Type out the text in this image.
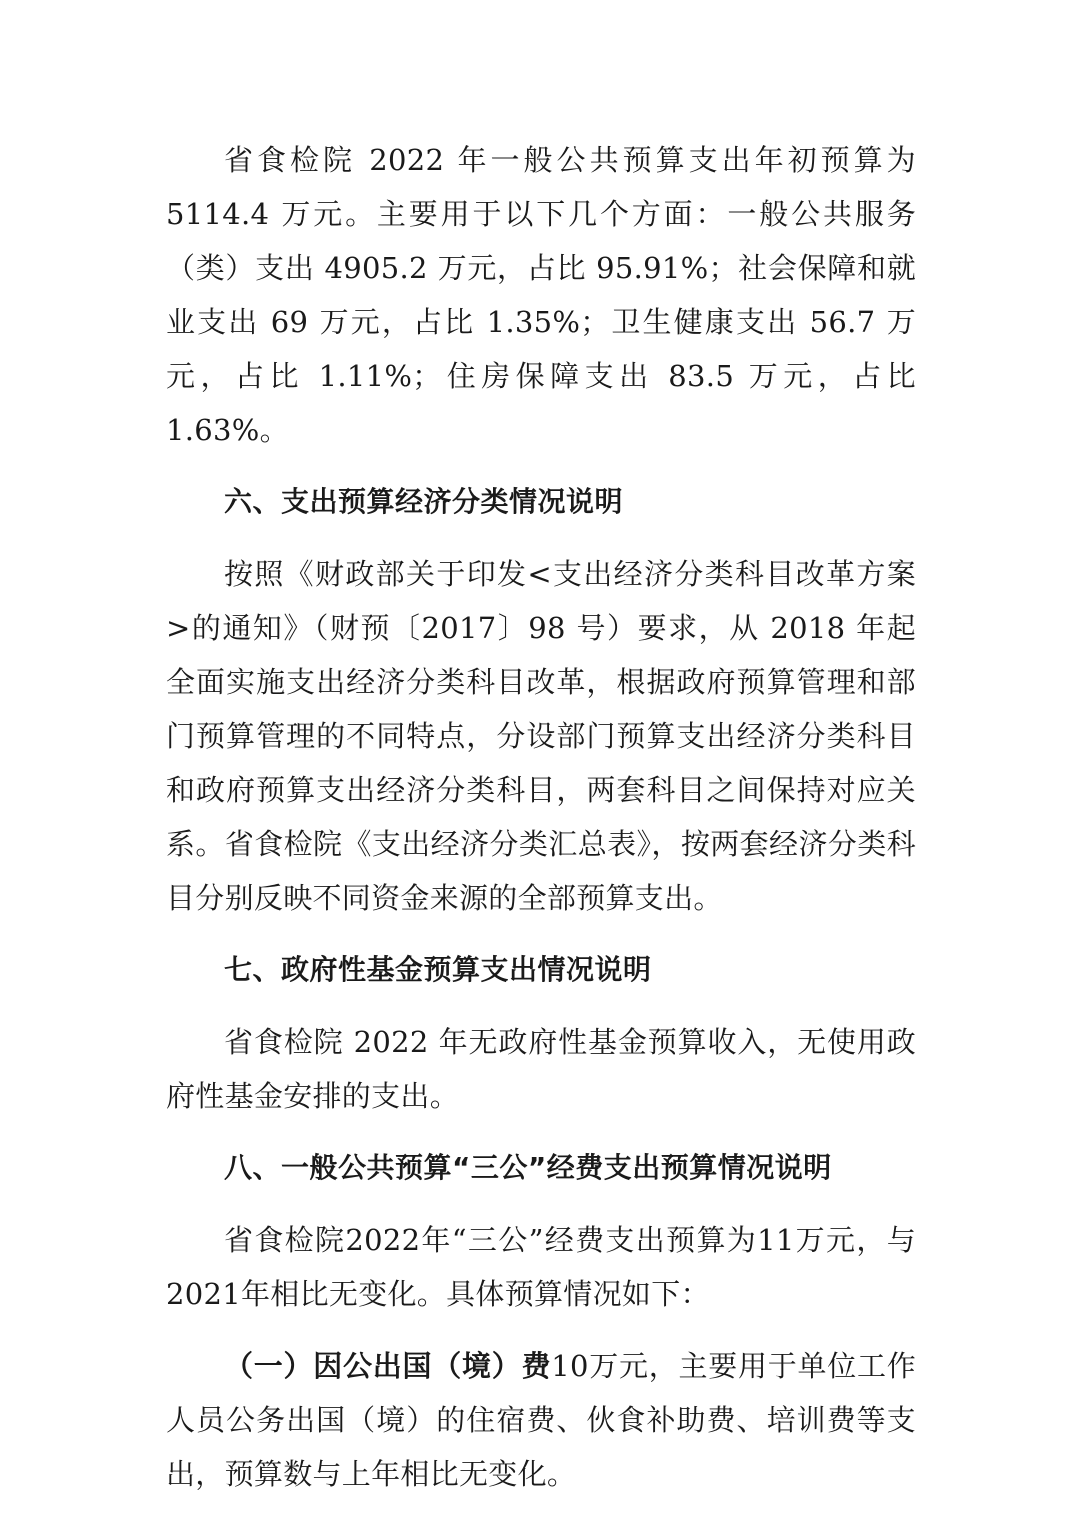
省食检院 2022 年一般公共预算支出年初预算为 5114.4 万元。主要用于以下几个方面：一般公共服务（类）支出 4905.2 万元，占比 95.91%；社会保障和就业支出 69 万元，占比 1.35%；卫生健康支出 56.7 万元，占比 1.11%；住房保障支出 83.5 万元，占比 1.63%。

六、支出预算经济分类情况说明

按照《财政部关于印发<支出经济分类科目改革方案>的通知》（财预〔2017〕98 号）要求，从 2018 年起全面实施支出经济分类科目改革，根据政府预算管理和部门预算管理的不同特点，分设部门预算支出经济分类科目和政府预算支出经济分类科目，两套科目之间保持对应关系。省食检院《支出经济分类汇总表》，按两套经济分类科目分别反映不同资金来源的全部预算支出。

七、政府性基金预算支出情况说明

省食检院 2022 年无政府性基金预算收入，无使用政府性基金安排的支出。

八、一般公共预算“三公”经费支出预算情况说明

省食检院2022年“三公”经费支出预算为11万元，与2021年相比无变化。具体预算情况如下：

（一）因公出国（境）费10万元，主要用于单位工作人员公务出国（境）的住宿费、伙食补助费、培训费等支出，预算数与上年相比无变化。
